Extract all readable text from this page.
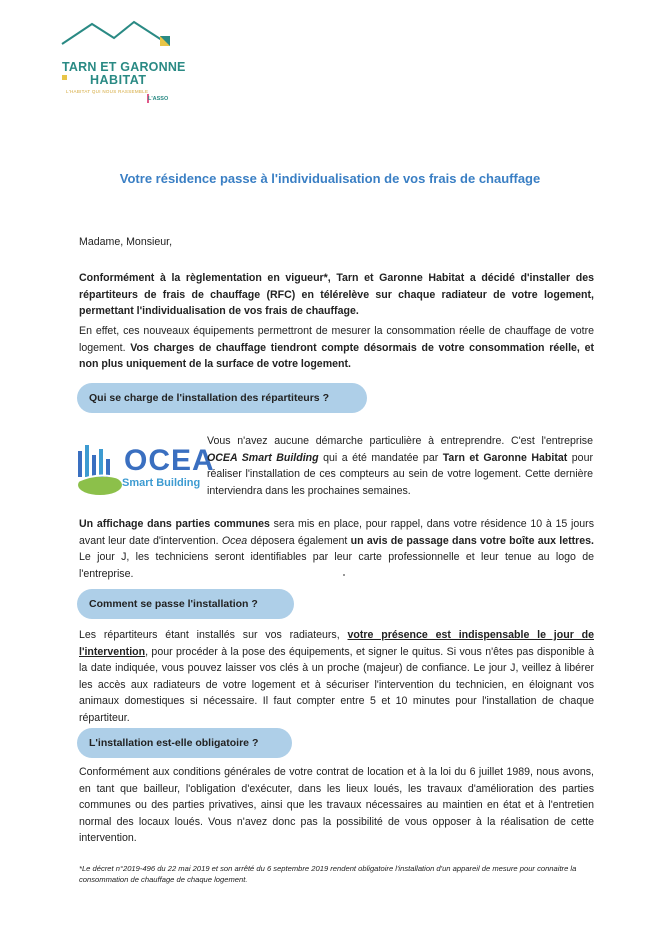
TARN ET GARONNE
HABITAT
L'HABITAT QUI NOUS RASSEMBLE
L'ASSO
Votre résidence passe à l'individualisation de vos frais de chauffage
Madame, Monsieur,
Conformément à la règlementation en vigueur*, Tarn et Garonne Habitat a décidé d'installer des répartiteurs de frais de chauffage (RFC) en télérelève sur chaque radiateur de votre logement, permettant l'individualisation de vos frais de chauffage.
En effet, ces nouveaux équipements permettront de mesurer la consommation réelle de chauffage de votre logement. Vos charges de chauffage tiendront compte désormais de votre consommation réelle, et non plus uniquement de la surface de votre logement.
Qui se charge de l'installation des répartiteurs ?
OCEA
Smart Building
Vous n'avez aucune démarche particulière à entreprendre. C'est l'entreprise OCEA Smart Building qui a été mandatée par Tarn et Garonne Habitat pour réaliser l'installation de ces compteurs au sein de votre logement. Cette dernière interviendra dans les prochaines semaines.
Un affichage dans parties communes sera mis en place, pour rappel, dans votre résidence 10 à 15 jours avant leur date d'intervention. Ocea déposera également un avis de passage dans votre boîte aux lettres. Le jour J, les techniciens seront identifiables par leur carte professionnelle et leur tenue au logo de l'entreprise.
Comment se passe l'installation ?
Les répartiteurs étant installés sur vos radiateurs, votre présence est indispensable le jour de l'intervention, pour procéder à la pose des équipements, et signer le quitus. Si vous n'êtes pas disponible à la date indiquée, vous pouvez laisser vos clés à un proche (majeur) de confiance. Le jour J, veillez à libérer les accès aux radiateurs de votre logement et à sécuriser l'intervention du technicien, en éloignant vos animaux domestiques si nécessaire. Il faut compter entre 5 et 10 minutes pour l'installation de chaque répartiteur.
L'installation est-elle obligatoire ?
Conformément aux conditions générales de votre contrat de location et à la loi du 6 juillet 1989, nous avons, en tant que bailleur, l'obligation d'exécuter, dans les lieux loués, les travaux d'amélioration des parties communes ou des parties privatives, ainsi que les travaux nécessaires au maintien en état et à l'entretien normal des locaux loués. Vous n'avez donc pas la possibilité de vous opposer à la réalisation de cette intervention.
*Le décret n°2019-496 du 22 mai 2019 et son arrêté du 6 septembre 2019 rendent obligatoire l'installation d'un appareil de mesure pour connaitre la consommation de chauffage de chaque logement.
